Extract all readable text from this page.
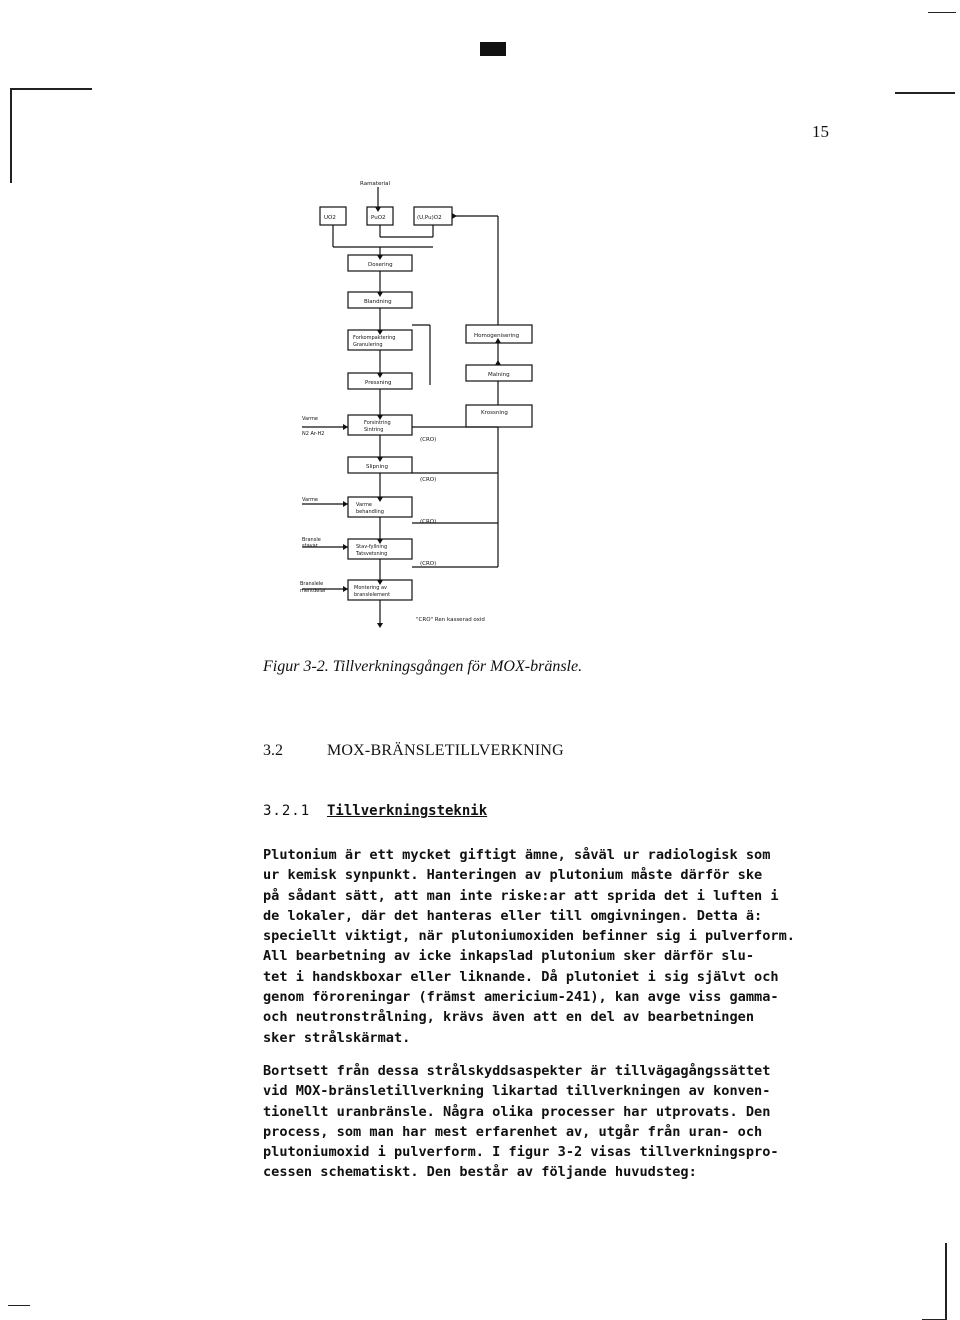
15
Ramaterial
UO2	PuO2	(U,Pu)O2
Dosering
Blandning
Forkompaktering
Granulering
Pressning
Forsintring
Sintring
Slipning
Varme
behandling
Stav-fyllning
Tatsvetsning
Montering av
branslelement
Homogenisering
Malning
Krossning
Varme
N2 Ar-H2
Varme
Bransle
stavar
Branslele
mentdelar
(CRO)
(CRO)
(CRO)
(CRO)
"CRO" Ren kasserad oxid
Figur 3-2. Tillverkningsgången för MOX-bränsle.
3.2	MOX-BRÄNSLETILLVERKNING
3.2.1 Tillverkningsteknik
Plutonium är ett mycket giftigt ämne, såväl ur radiologisk som
ur kemisk synpunkt. Hanteringen av plutonium måste därför ske
på sådant sätt, att man inte riske:ar att sprida det i luften i
de lokaler, där det hanteras eller till omgivningen. Detta ä:
speciellt viktigt, när plutoniumoxiden befinner sig i pulverform.
All bearbetning av icke inkapslad plutonium sker därför slu-
tet i handskboxar eller liknande. Då plutoniet i sig självt och
genom föroreningar (främst americium-241), kan avge viss gamma-
och neutronstrålning, krävs även att en del av bearbetningen
sker strålskärmat.
Bortsett från dessa strålskyddsaspekter är tillvägagångssättet
vid MOX-bränsletillverkning likartad tillverkningen av konven-
tionellt uranbränsle. Några olika processer har utprovats. Den
process, som man har mest erfarenhet av, utgår från uran- och
plutoniumoxid i pulverform. I figur 3-2 visas tillverkningspro-
cessen schematiskt. Den består av följande huvudsteg:
